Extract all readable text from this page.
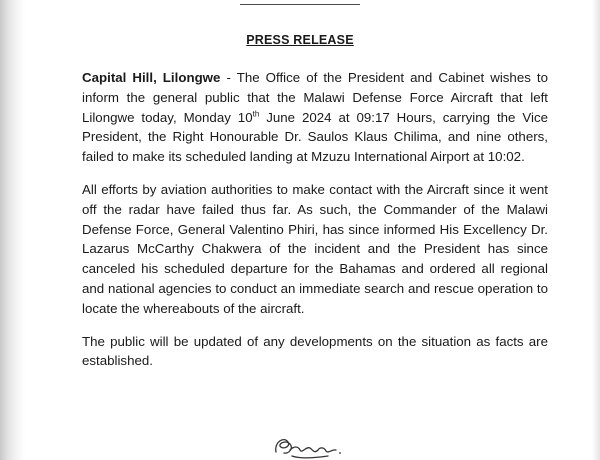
PRESS RELEASE

Capital Hill, Lilongwe - The Office of the President and Cabinet wishes to inform the general public that the Malawi Defense Force Aircraft that left Lilongwe today, Monday 10th June 2024 at 09:17 Hours, carrying the Vice President, the Right Honourable Dr. Saulos Klaus Chilima, and nine others, failed to make its scheduled landing at Mzuzu International Airport at 10:02.

All efforts by aviation authorities to make contact with the Aircraft since it went off the radar have failed thus far. As such, the Commander of the Malawi Defense Force, General Valentino Phiri, has since informed His Excellency Dr. Lazarus McCarthy Chakwera of the incident and the President has since canceled his scheduled departure for the Bahamas and ordered all regional and national agencies to conduct an immediate search and rescue operation to locate the whereabouts of the aircraft.

The public will be updated of any developments on the situation as facts are established.
